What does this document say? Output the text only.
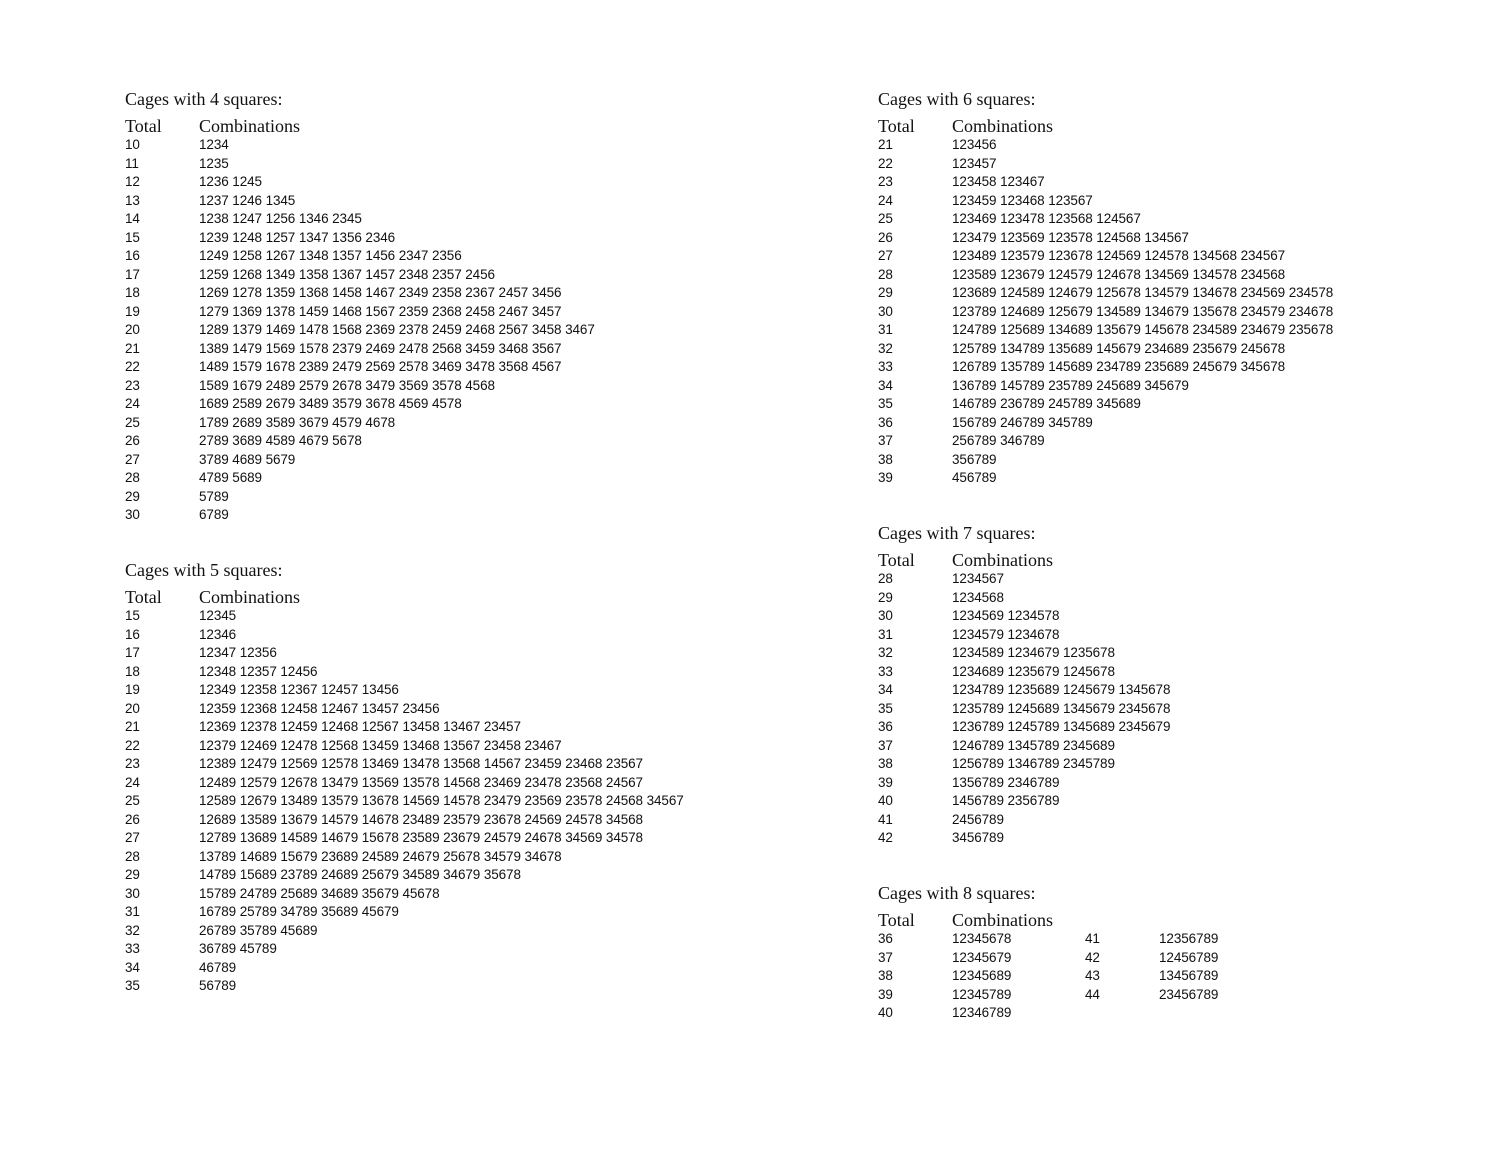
Cages with 4 squares:
Total Combinations
10	1234
11	1235
12	1236 1245
13	1237 1246 1345
14	1238 1247 1256 1346 2345
15	1239 1248 1257 1347 1356 2346
16	1249 1258 1267 1348 1357 1456 2347 2356
17	1259 1268 1349 1358 1367 1457 2348 2357 2456
18	1269 1278 1359 1368 1458 1467 2349 2358 2367 2457 3456
19	1279 1369 1378 1459 1468 1567 2359 2368 2458 2467 3457
20	1289 1379 1469 1478 1568 2369 2378 2459 2468 2567 3458 3467
21	1389 1479 1569 1578 2379 2469 2478 2568 3459 3468 3567
22	1489 1579 1678 2389 2479 2569 2578 3469 3478 3568 4567
23	1589 1679 2489 2579 2678 3479 3569 3578 4568
24	1689 2589 2679 3489 3579 3678 4569 4578
25	1789 2689 3589 3679 4579 4678
26	2789 3689 4589 4679 5678
27	3789 4689 5679
28	4789 5689
29	5789
30	6789
Cages with 5 squares:
Total Combinations
15	12345
16	12346
17	12347 12356
18	12348 12357 12456
19	12349 12358 12367 12457 13456
20	12359 12368 12458 12467 13457 23456
21	12369 12378 12459 12468 12567 13458 13467 23457
22	12379 12469 12478 12568 13459 13468 13567 23458 23467
23	12389 12479 12569 12578 13469 13478 13568 14567 23459 23468 23567
24	12489 12579 12678 13479 13569 13578 14568 23469 23478 23568 24567
25	12589 12679 13489 13579 13678 14569 14578 23479 23569 23578 24568 34567
26	12689 13589 13679 14579 14678 23489 23579 23678 24569 24578 34568
27	12789 13689 14589 14679 15678 23589 23679 24579 24678 34569 34578
28	13789 14689 15679 23689 24589 24679 25678 34579 34678
29	14789 15689 23789 24689 25679 34589 34679 35678
30	15789 24789 25689 34689 35679 45678
31	16789 25789 34789 35689 45679
32	26789 35789 45689
33	36789 45789
34	46789
35	56789
Cages with 6 squares:
Total Combinations
21	123456
22	123457
23	123458 123467
24	123459 123468 123567
25	123469 123478 123568 124567
26	123479 123569 123578 124568 134567
27	123489 123579 123678 124569 124578 134568 234567
28	123589 123679 124579 124678 134569 134578 234568
29	123689 124589 124679 125678 134579 134678 234569 234578
30	123789 124689 125679 134589 134679 135678 234579 234678
31	124789 125689 134689 135679 145678 234589 234679 235678
32	125789 134789 135689 145679 234689 235679 245678
33	126789 135789 145689 234789 235689 245679 345678
34	136789 145789 235789 245689 345679
35	146789 236789 245789 345689
36	156789 246789 345789
37	256789 346789
38	356789
39	456789
Cages with 7 squares:
Total Combinations
28	1234567
29	1234568
30	1234569 1234578
31	1234579 1234678
32	1234589 1234679 1235678
33	1234689 1235679 1245678
34	1234789 1235689 1245679 1345678
35	1235789 1245689 1345679 2345678
36	1236789 1245789 1345689 2345679
37	1246789 1345789 2345689
38	1256789 1346789 2345789
39	1356789 2346789
40	1456789 2356789
41	2456789
42	3456789
Cages with 8 squares:
Total Combinations
36	12345678	41	12356789
37	12345679	42	12456789
38	12345689	43	13456789
39	12345789	44	23456789
40	12346789
